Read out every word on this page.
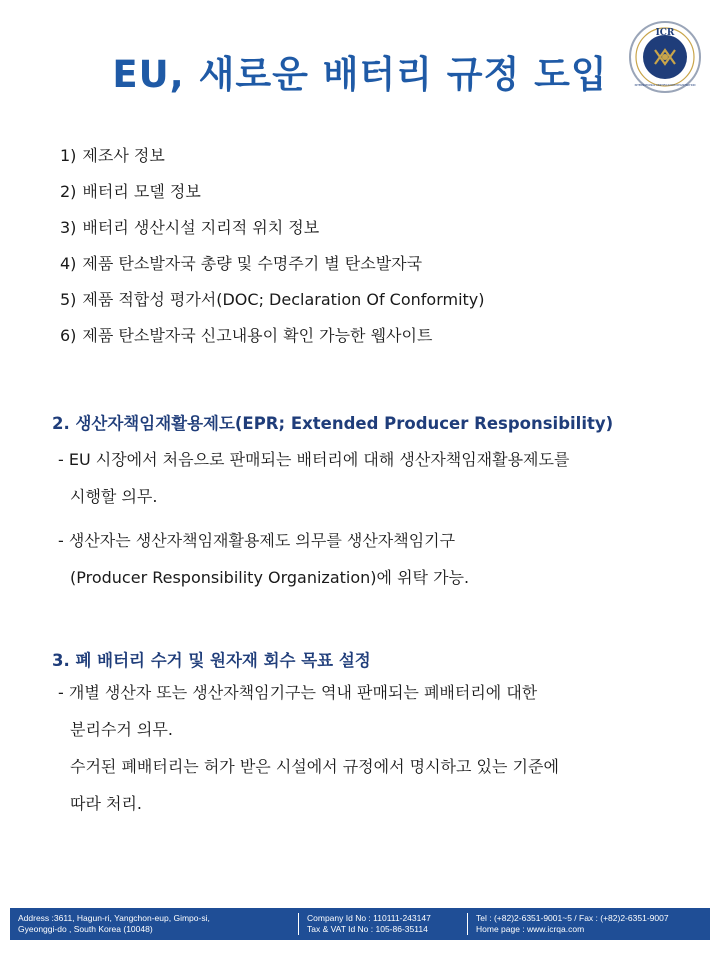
EU, 새로운 배터리 규정 도입
ICR
INTERNATIONAL CERTIFICATION REGISTRATION
1) 제조사 정보
2) 배터리 모델 정보
3) 배터리 생산시설 지리적 위치 정보
4) 제품 탄소발자국 총량 및 수명주기 별 탄소발자국
5) 제품 적합성 평가서(DOC; Declaration Of Conformity)
6) 제품 탄소발자국 신고내용이 확인 가능한 웹사이트
2. 생산자책임재활용제도(EPR; Extended Producer Responsibility)
- EU 시장에서 처음으로 판매되는 배터리에 대해 생산자책임재활용제도를
시행할 의무.
- 생산자는 생산자책임재활용제도 의무를 생산자책임기구
(Producer Responsibility Organization)에 위탁 가능.
3. 폐 배터리 수거 및 원자재 회수 목표 설정
- 개별 생산자 또는 생산자책임기구는 역내 판매되는 폐배터리에 대한
분리수거 의무.
수거된 폐배터리는 허가 받은 시설에서 규정에서 명시하고 있는 기준에
따라 처리.
Address :3611, Hagun-ri, Yangchon-eup, Gimpo-si,
Gyeonggi-do , South Korea (10048)
Company Id No : 110111-243147
Tax & VAT Id No : 105-86-35114
Tel : (+82)2-6351-9001~5 / Fax : (+82)2-6351-9007
Home page : www.icrqa.com
